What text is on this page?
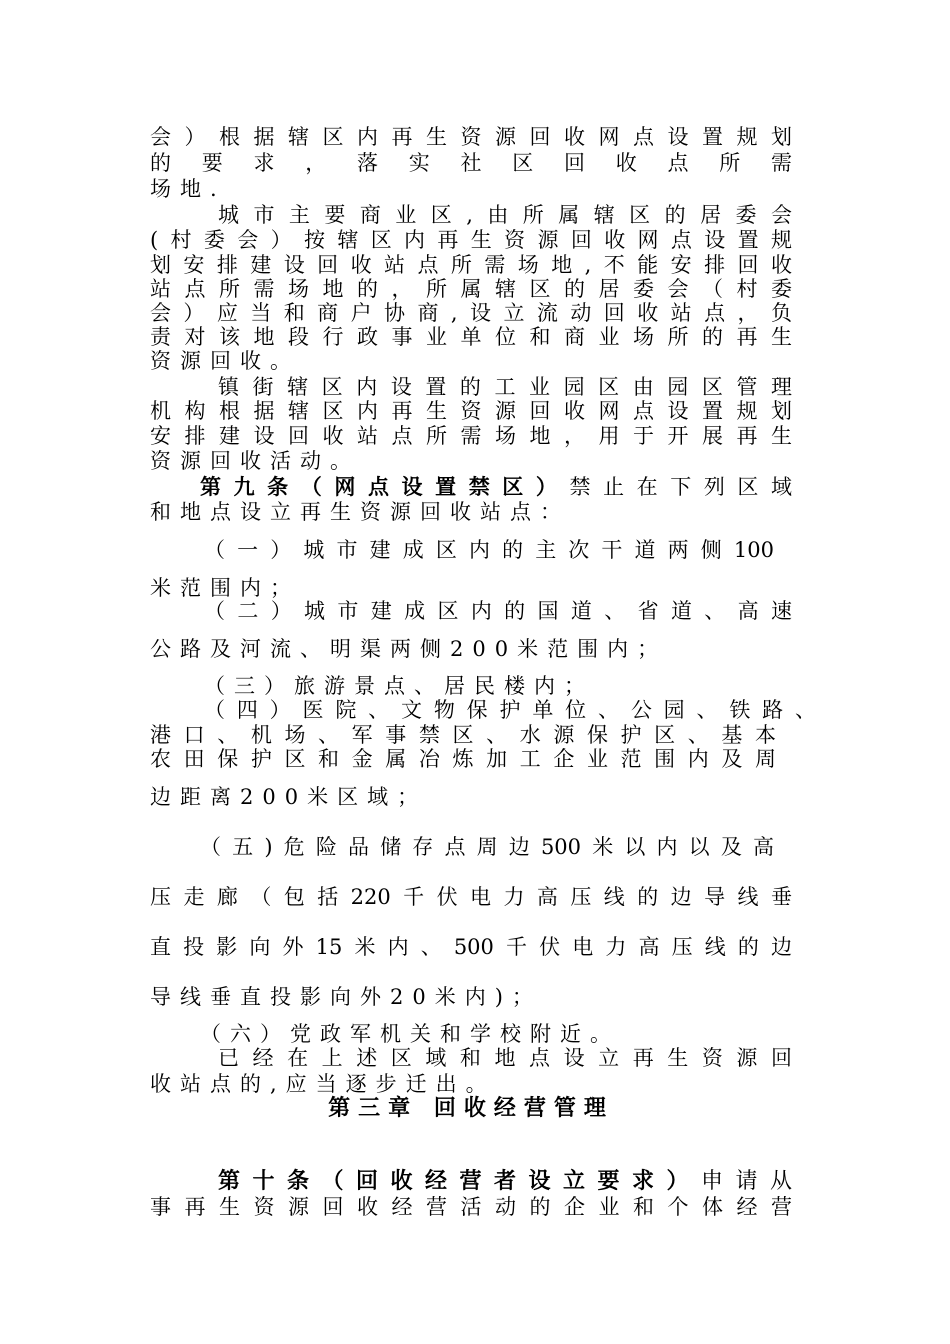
会）根据辖区内再生资源回收网点设置规划
的要求，落实社区回收点所需
场地.
城市主要商业区,由所属辖区的居委会
(村委会）按辖区内再生资源回收网点设置规
划安排建设回收站点所需场地,不能安排回收
站点所需场地的，所属辖区的居委会（村委
会）应当和商户协商,设立流动回收站点，负
责对该地段行政事业单位和商业场所的再生
资源回收。
镇街辖区内设置的工业园区由园区管理
机构根据辖区内再生资源回收网点设置规划
安排建设回收站点所需场地，用于开展再生
资源回收活动。
第九条（网点设置禁区）禁止在下列区域
和地点设立再生资源回收站点：
（一）城市建成区内的主次干道两侧100
米范围内；
（二）城市建成区内的国道、省道、高速
公路及河流、明渠两侧200米范围内；
（三）旅游景点、居民楼内；
（四）医院、文物保护单位、公园、铁路、
港口、机场、军事禁区、水源保护区、基本
农田保护区和金属冶炼加工企业范围内及周
边距离200米区域；
（五)危险品储存点周边500米以内以及高
压走廊（包括220千伏电力高压线的边导线垂
直投影向外15米内、500千伏电力高压线的边
导线垂直投影向外20米内)；
（六）党政军机关和学校附近。
已经在上述区域和地点设立再生资源回
收站点的,应当逐步迁出。
第三章 回收经营管理
第十条（回收经营者设立要求）申请从
事再生资源回收经营活动的企业和个体经营
